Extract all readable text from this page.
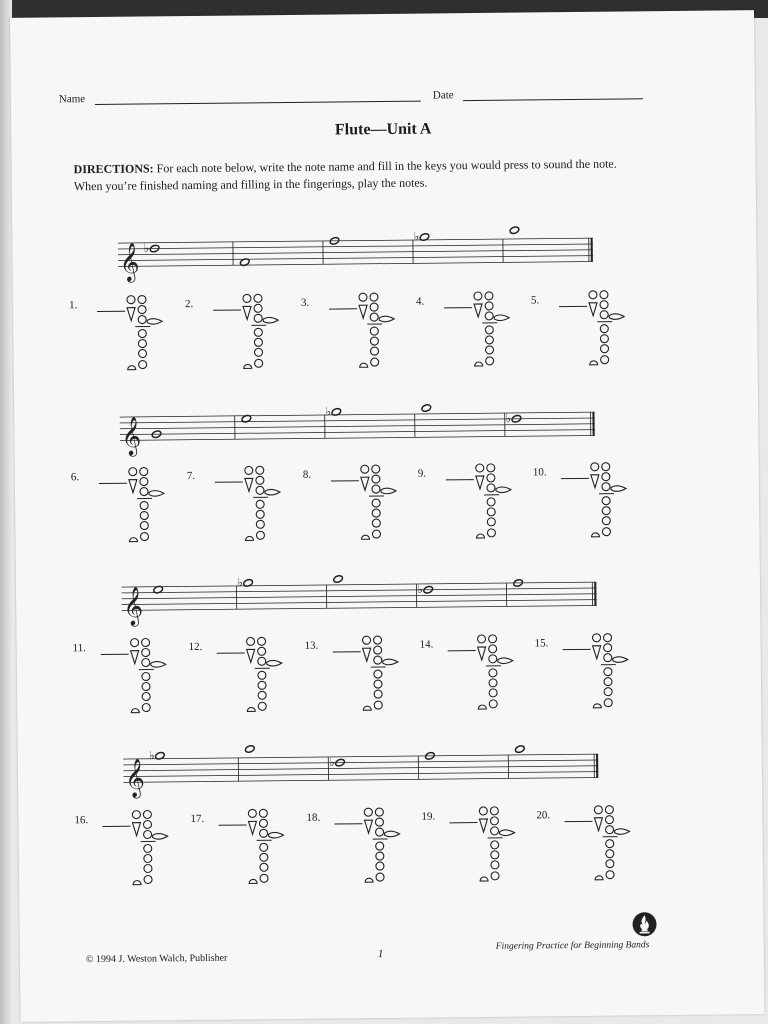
Name	Date
Flute—Unit A
DIRECTIONS: For each note below, write the note name and fill in the keys you would press to sound the note. When you’re finished naming and filling in the fingerings, play the notes.
1.	2.	3.	4.	5.
6.	7.	8.	9.	10.
11.	12.	13.	14.	15.
16.	17.	18.	19.	20.
© 1994 J. Weston Walch, Publisher	1
Fingering Practice for Beginning Bands
𝄞 ♭
♭
𝄞
♭	♭
𝄞
♭	♭
𝄞
♭	♭
